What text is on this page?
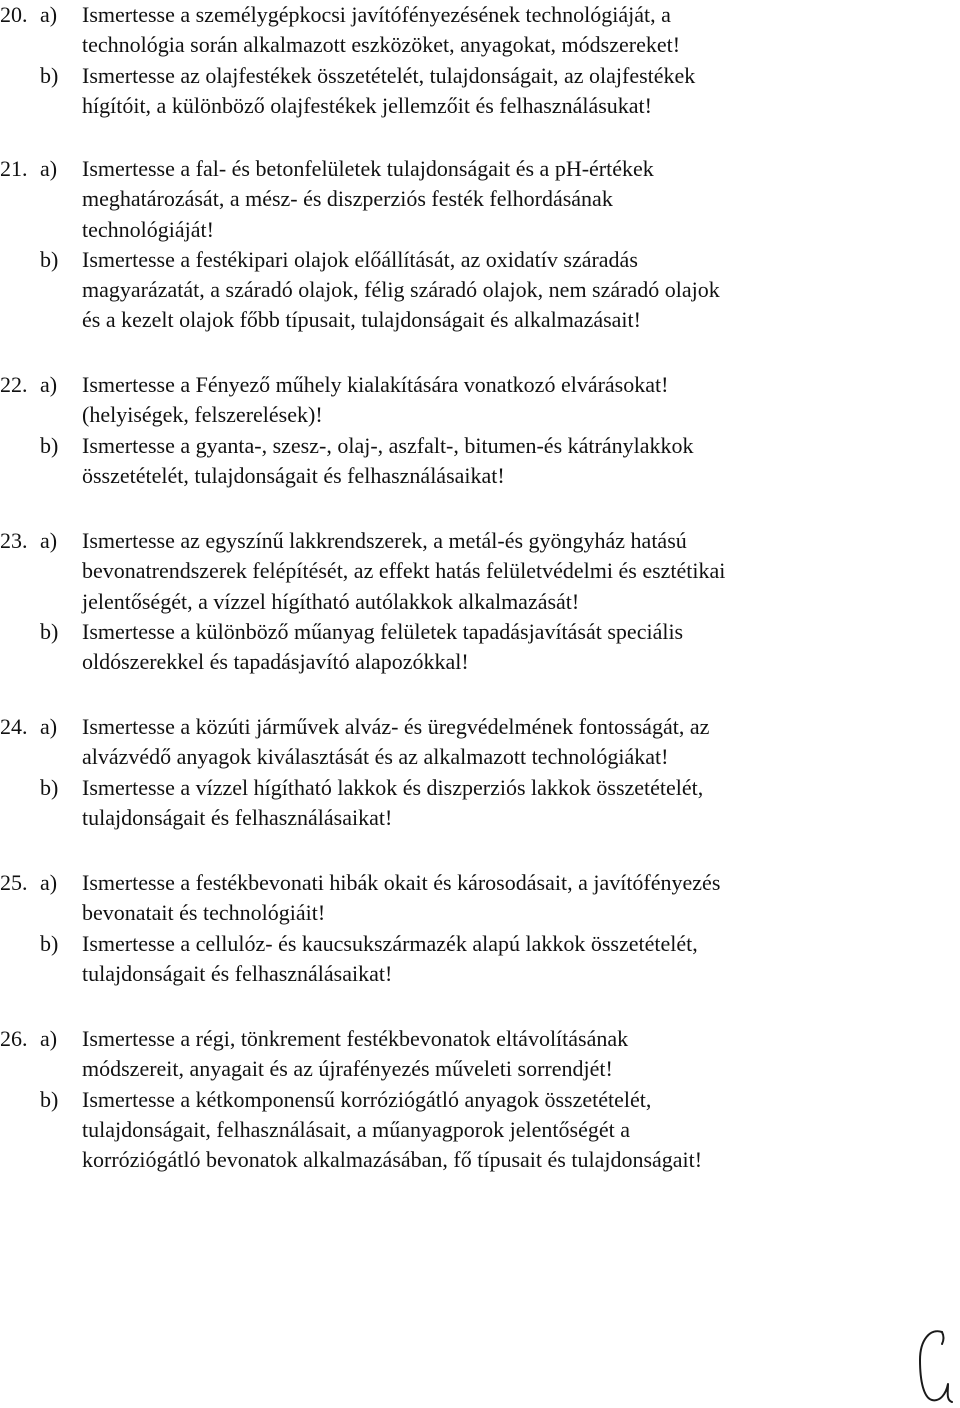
20. a) Ismertesse a személygépkocsi javítófényezésének technológiáját, a
technológia során alkalmazott eszközöket, anyagokat, módszereket!
b) Ismertesse az olajfestékek összetételét, tulajdonságait, az olajfestékek
hígítóit, a különböző olajfestékek jellemzőit és felhasználásukat!
21. a) Ismertesse a fal- és betonfelületek tulajdonságait és a pH-értékek
meghatározását, a mész- és diszperziós festék felhordásának
technológiáját!
b) Ismertesse a festékipari olajok előállítását, az oxidatív száradás
magyarázatát, a száradó olajok, félig száradó olajok, nem száradó olajok
és a kezelt olajok főbb típusait, tulajdonságait és alkalmazásait!
22. a) Ismertesse a Fényező műhely kialakítására vonatkozó elvárásokat!
(helyiségek, felszerelések)!
b) Ismertesse a gyanta-, szesz-, olaj-, aszfalt-, bitumen-és kátránylakkok
összetételét, tulajdonságait és felhasználásaikat!
23. a) Ismertesse az egyszínű lakkrendszerek, a metál-és gyöngyház hatású
bevonatrendszerek felépítését, az effekt hatás felületvédelmi és esztétikai
jelentőségét, a vízzel hígítható autólakkok alkalmazását!
b) Ismertesse a különböző műanyag felületek tapadásjavítását speciális
oldószerekkel és tapadásjavító alapozókkal!
24. a) Ismertesse a közúti járművek alváz- és üregvédelmének fontosságát, az
alvázvédő anyagok kiválasztását és az alkalmazott technológiákat!
b) Ismertesse a vízzel hígítható lakkok és diszperziós lakkok összetételét,
tulajdonságait és felhasználásaikat!
25. a) Ismertesse a festékbevonati hibák okait és károsodásait, a javítófényezés
bevonatait és technológiáit!
b) Ismertesse a cellulóz- és kaucsukszármazék alapú lakkok összetételét,
tulajdonságait és felhasználásaikat!
26. a) Ismertesse a régi, tönkrement festékbevonatok eltávolításának
módszereit, anyagait és az újrafényezés műveleti sorrendjét!
b) Ismertesse a kétkomponensű korróziógátló anyagok összetételét,
tulajdonságait, felhasználásait, a műanyagporok jelentőségét a
korróziógátló bevonatok alkalmazásában, fő típusait és tulajdonságait!
